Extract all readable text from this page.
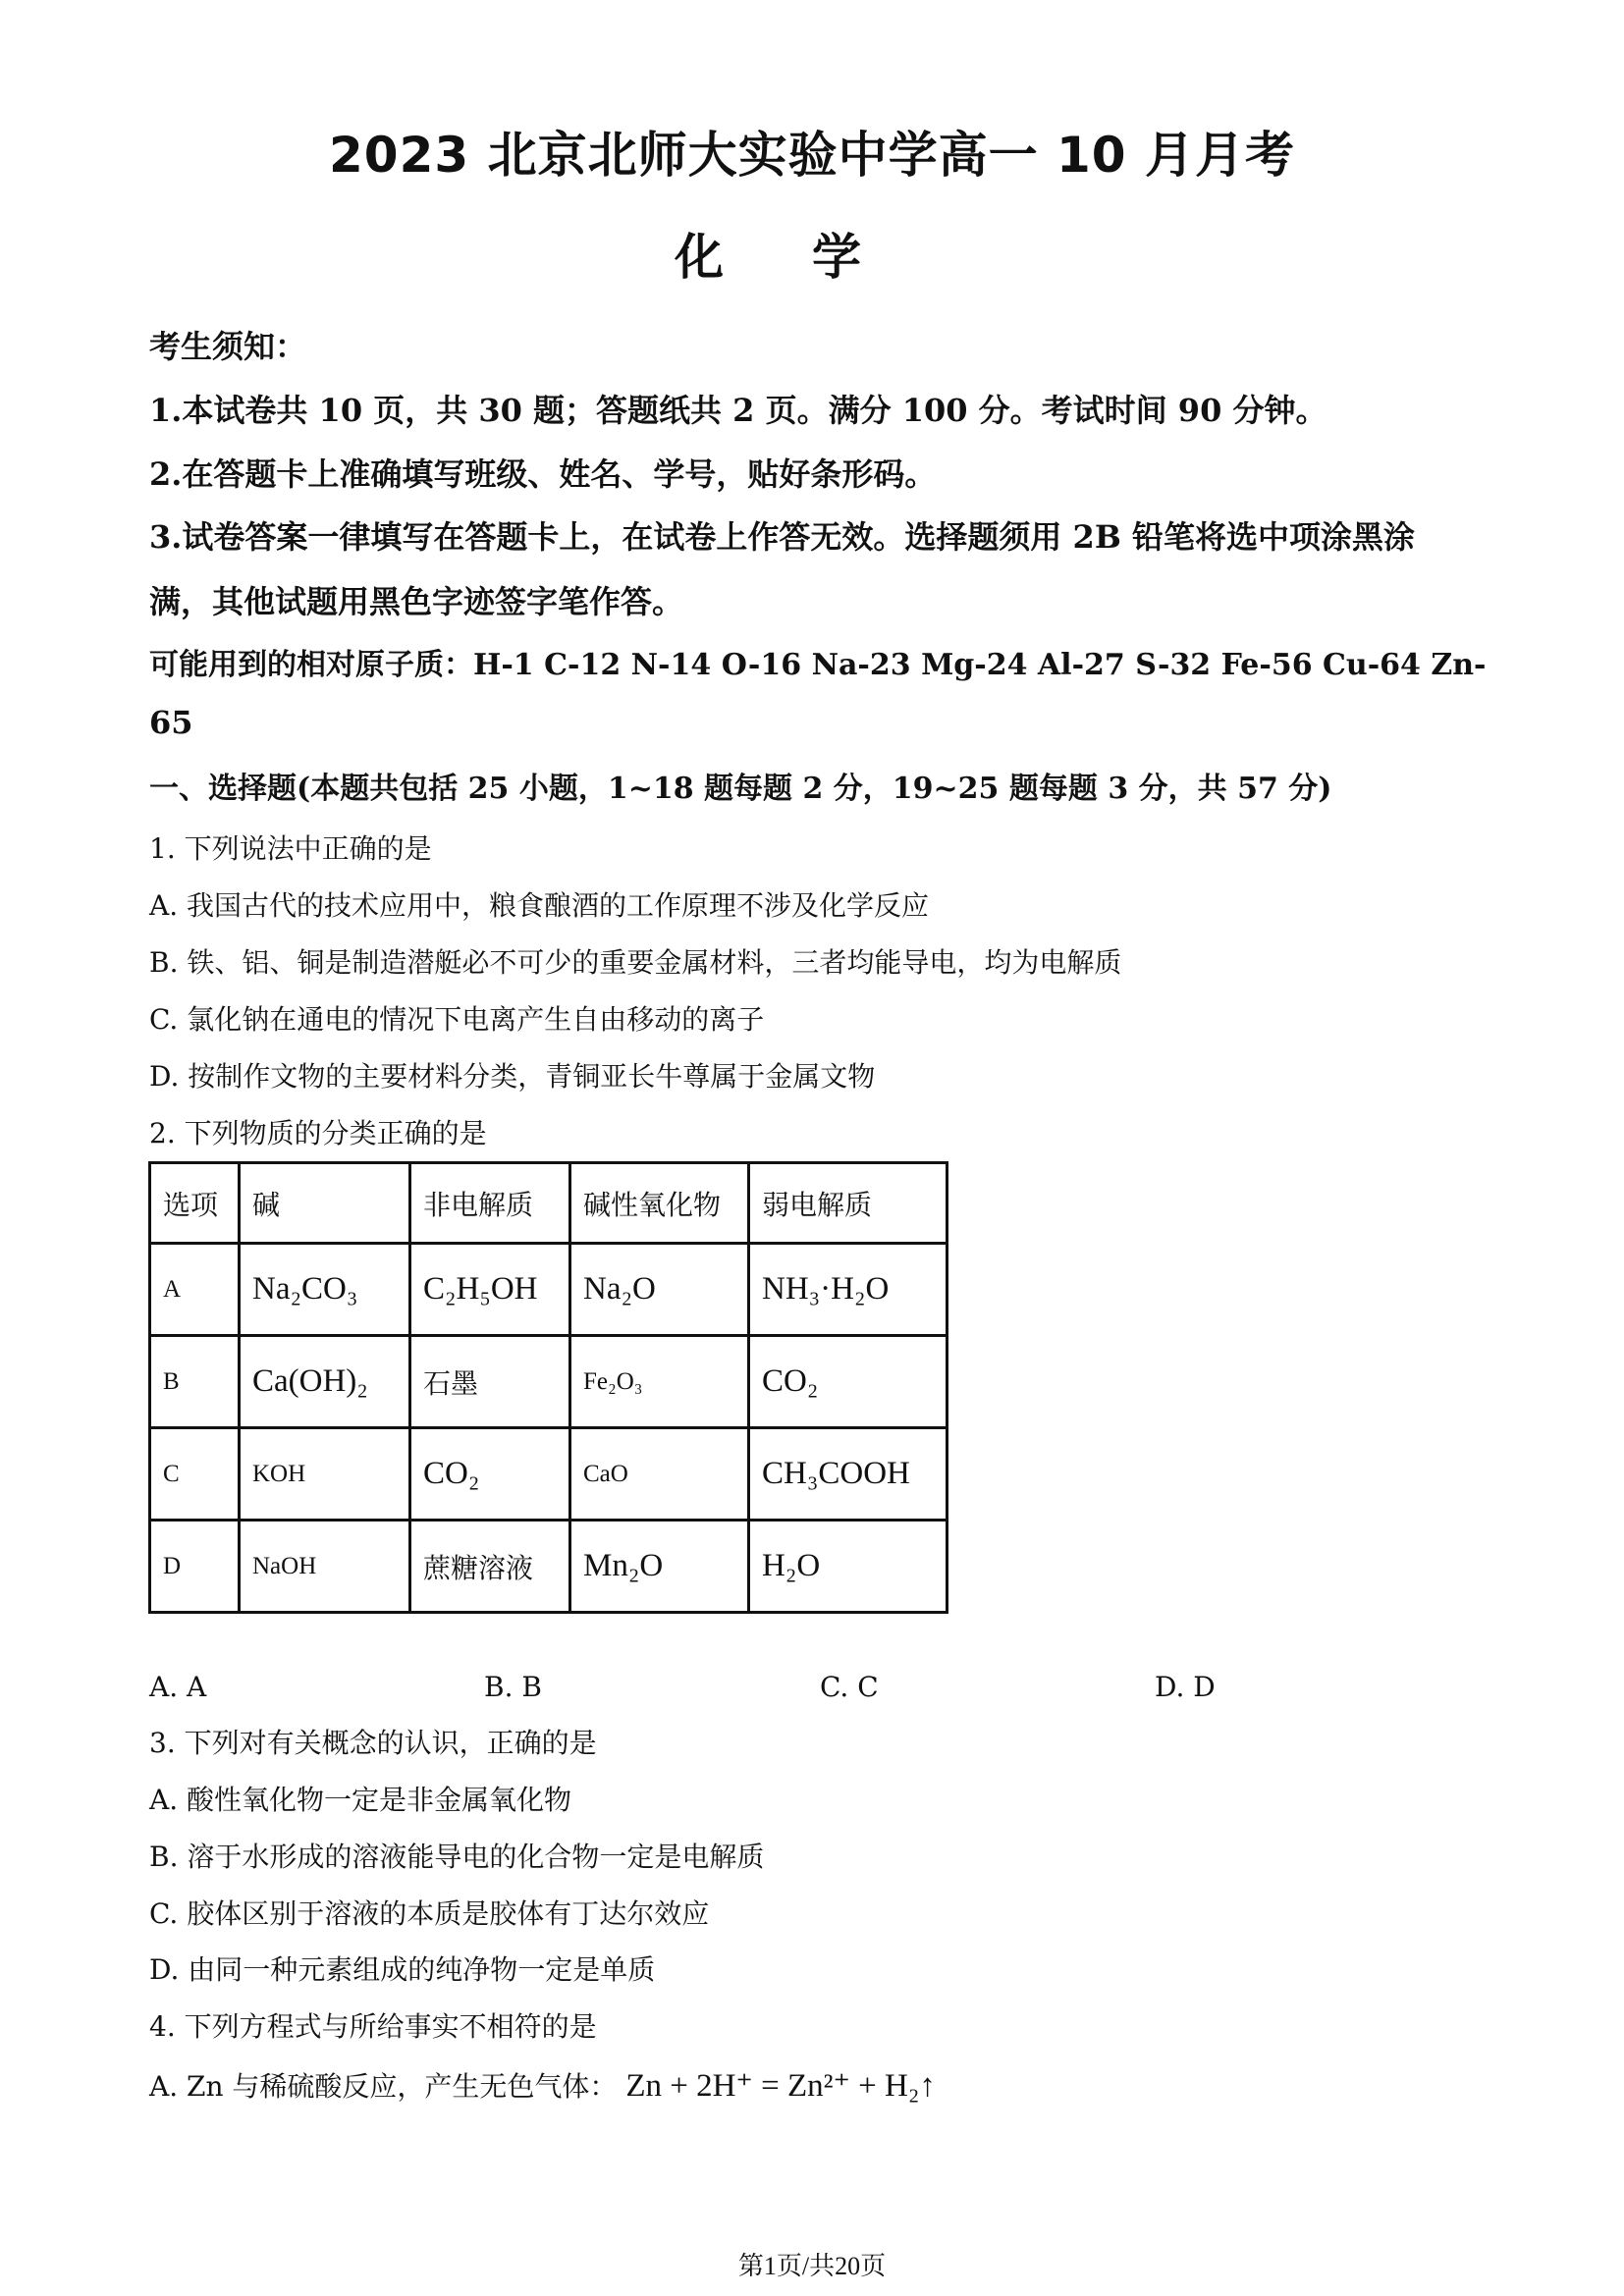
2023 北京北师大实验中学高一 10 月月考
化学
考生须知：
1.本试卷共 10 页，共 30 题；答题纸共 2 页。满分 100 分。考试时间 90 分钟。
2.在答题卡上准确填写班级、姓名、学号，贴好条形码。
3.试卷答案一律填写在答题卡上，在试卷上作答无效。选择题须用 2B 铅笔将选中项涂黑涂
满，其他试题用黑色字迹签字笔作答。
可能用到的相对原子质：H-1 C-12 N-14 O-16 Na-23 Mg-24 Al-27 S-32 Fe-56 Cu-64 Zn-
65
一、选择题(本题共包括 25 小题，1~18 题每题 2 分，19~25 题每题 3 分，共 57 分)
1. 下列说法中正确的是
A. 我国古代的技术应用中，粮食酿酒的工作原理不涉及化学反应
B. 铁、铝、铜是制造潜艇必不可少的重要金属材料，三者均能导电，均为电解质
C. 氯化钠在通电的情况下电离产生自由移动的离子
D. 按制作文物的主要材料分类，青铜亚长牛尊属于金属文物
2. 下列物质的分类正确的是
选项	碱	非电解质	碱性氧化物	弱电解质
A	Na₂CO₃	C₂H₅OH	Na₂O	NH₃·H₂O
B	Ca(OH)₂	石墨	Fe₂O₃	CO₂
C	KOH	CO₂	CaO	CH₃COOH
D	NaOH	蔗糖溶液	Mn₂O	H₂O
A. A	B. B	C. C	D. D
3. 下列对有关概念的认识，正确的是
A. 酸性氧化物一定是非金属氧化物
B. 溶于水形成的溶液能导电的化合物一定是电解质
C. 胶体区别于溶液的本质是胶体有丁达尔效应
D. 由同一种元素组成的纯净物一定是单质
4. 下列方程式与所给事实不相符的是
A. Zn 与稀硫酸反应，产生无色气体： Zn + 2H⁺ = Zn²⁺ + H₂↑
第1页/共20页
